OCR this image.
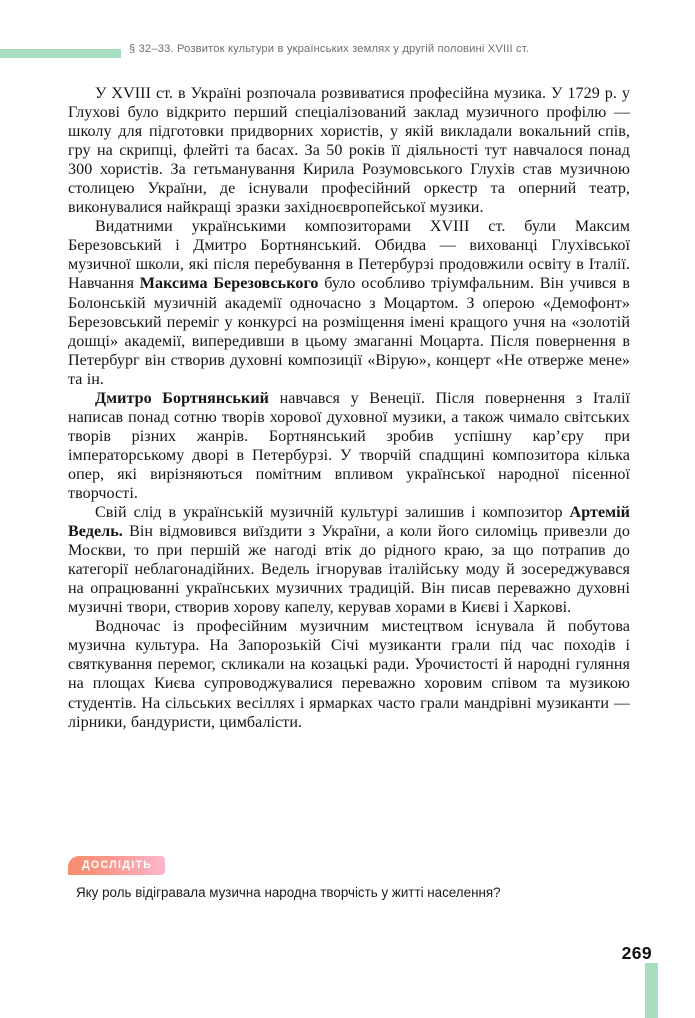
§ 32–33. Розвиток культури в українських землях у другій половині XVIII ст.

У XVIII ст. в Україні розпочала розвиватися професійна музика. У 1729 р. у Глухові було відкрито перший спеціалізований заклад музичного профілю — школу для підготовки придворних хористів, у якій викладали вокальний спів, гру на скрипці, флейті та басах. За 50 років її діяльності тут навчалося понад 300 хористів. За гетьманування Кирила Розумовського Глухів став музичною столицею України, де існували професійний оркестр та оперний театр, виконувалися найкращі зразки західноєвропейської музики.

Видатними українськими композиторами XVIII ст. були Максим Березовський і Дмитро Бортнянський. Обидва — вихованці Глухівської музичної школи, які після перебування в Петербурзі продовжили освіту в Італії. Навчання Максима Березовського було особливо тріумфальним. Він учився в Болонській музичній академії одночасно з Моцартом. З оперою «Демофонт» Березовський переміг у конкурсі на розміщення імені кращого учня на «золотій дошці» академії, випередивши в цьому змаганні Моцарта. Після повернення в Петербург він створив духовні композиції «Вірую», концерт «Не отверже мене» та ін.

Дмитро Бортнянський навчався у Венеції. Після повернення з Італії написав понад сотню творів хорової духовної музики, а також чимало світських творів різних жанрів. Бортнянський зробив успішну кар’єру при імператорському дворі в Петербурзі. У творчій спадщині композитора кілька опер, які вирізняються помітним впливом української народної пісенної творчості.

Свій слід в українській музичній культурі залишив і композитор Артемій Ведель. Він відмовився виїздити з України, а коли його силоміць привезли до Москви, то при першій же нагоді втік до рідного краю, за що потрапив до категорії неблагонадійних. Ведель ігнорував італійську моду й зосереджувався на опрацюванні українських музичних традицій. Він писав переважно духовні музичні твори, створив хорову капелу, керував хорами в Києві і Харкові.

Водночас із професійним музичним мистецтвом існувала й побутова музична культура. На Запорозькій Січі музиканти грали під час походів і святкування перемог, скликали на козацькі ради. Урочистості й народні гуляння на площах Києва супроводжувалися переважно хоровим співом та музикою студентів. На сільських весіллях і ярмарках часто грали мандрівні музиканти — лірники, бандуристи, цимбалісти.

ДОСЛІДІТЬ
Яку роль відігравала музична народна творчість у житті населення?
269
